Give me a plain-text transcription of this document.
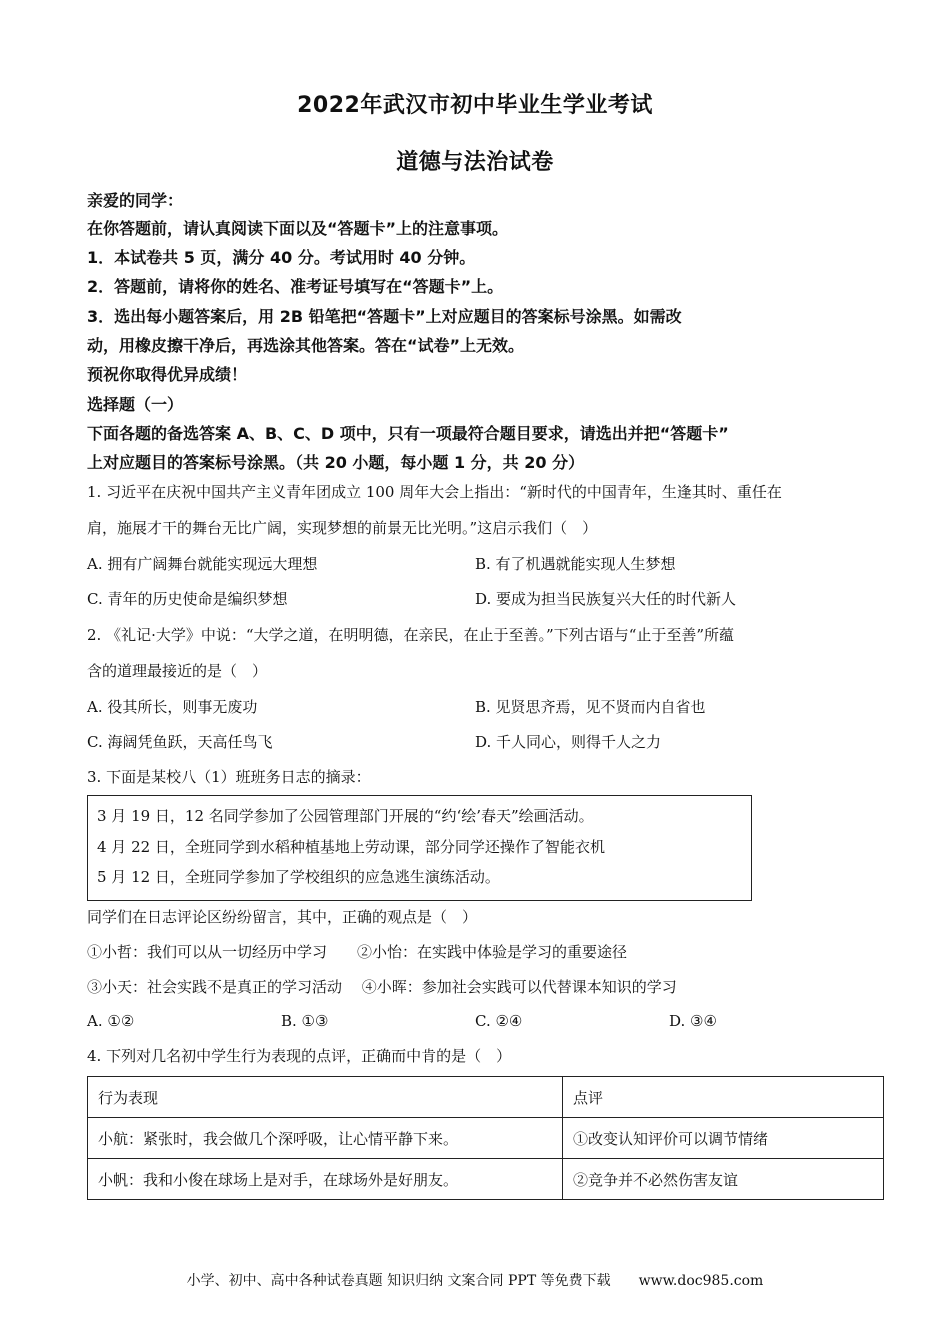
2022年武汉市初中毕业生学业考试
道德与法治试卷
亲爱的同学：
在你答题前，请认真阅读下面以及“答题卡”上的注意事项。
1．本试卷共 5 页，满分 40 分。考试用时 40 分钟。
2．答题前，请将你的姓名、准考证号填写在“答题卡”上。
3．选出每小题答案后，用 2B 铅笔把“答题卡”上对应题目的答案标号涂黑。如需改
动，用橡皮擦干净后，再选涂其他答案。答在“试卷”上无效。
预祝你取得优异成绩！
选择题（一）
下面各题的备选答案 A、B、C、D 项中，只有一项最符合题目要求，请选出并把“答题卡”
上对应题目的答案标号涂黑。（共 20 小题，每小题 1 分，共 20 分）
1. 习近平在庆祝中国共产主义青年团成立 100 周年大会上指出：“新时代的中国青年，生逢其时、重任在
肩，施展才干的舞台无比广阔，实现梦想的前景无比光明。”这启示我们（　）
A. 拥有广阔舞台就能实现远大理想	B. 有了机遇就能实现人生梦想
C. 青年的历史使命是编织梦想	D. 要成为担当民族复兴大任的时代新人
2. 《礼记·大学》中说：“大学之道，在明明德，在亲民，在止于至善。”下列古语与“止于至善”所蕴
含的道理最接近的是（　）
A. 役其所长，则事无废功	B. 见贤思齐焉，见不贤而内自省也
C. 海阔凭鱼跃，天高任鸟飞	D. 千人同心，则得千人之力
3. 下面是某校八（1）班班务日志的摘录：
3 月 19 日，12 名同学参加了公园管理部门开展的“约‘绘’春天”绘画活动。
4 月 22 日，全班同学到水稻种植基地上劳动课，部分同学还操作了智能衣机
5 月 12 日，全班同学参加了学校组织的应急逃生演练活动。
同学们在日志评论区纷纷留言，其中，正确的观点是（　）
①小哲：我们可以从一切经历中学习　　②小怡：在实践中体验是学习的重要途径
③小天：社会实践不是真正的学习活动　 ④小晖：参加社会实践可以代替课本知识的学习
A. ①②	B. ①③	C. ②④	D. ③④
4. 下列对几名初中学生行为表现的点评，正确而中肯的是（　）
行为表现	点评
小航：紧张时，我会做几个深呼吸，让心情平静下来。	①改变认知评价可以调节情绪
小帆：我和小俊在球场上是对手，在球场外是好朋友。	②竞争并不必然伤害友谊
小学、初中、高中各种试卷真题 知识归纳 文案合同 PPT 等免费下载　　www.doc985.com
